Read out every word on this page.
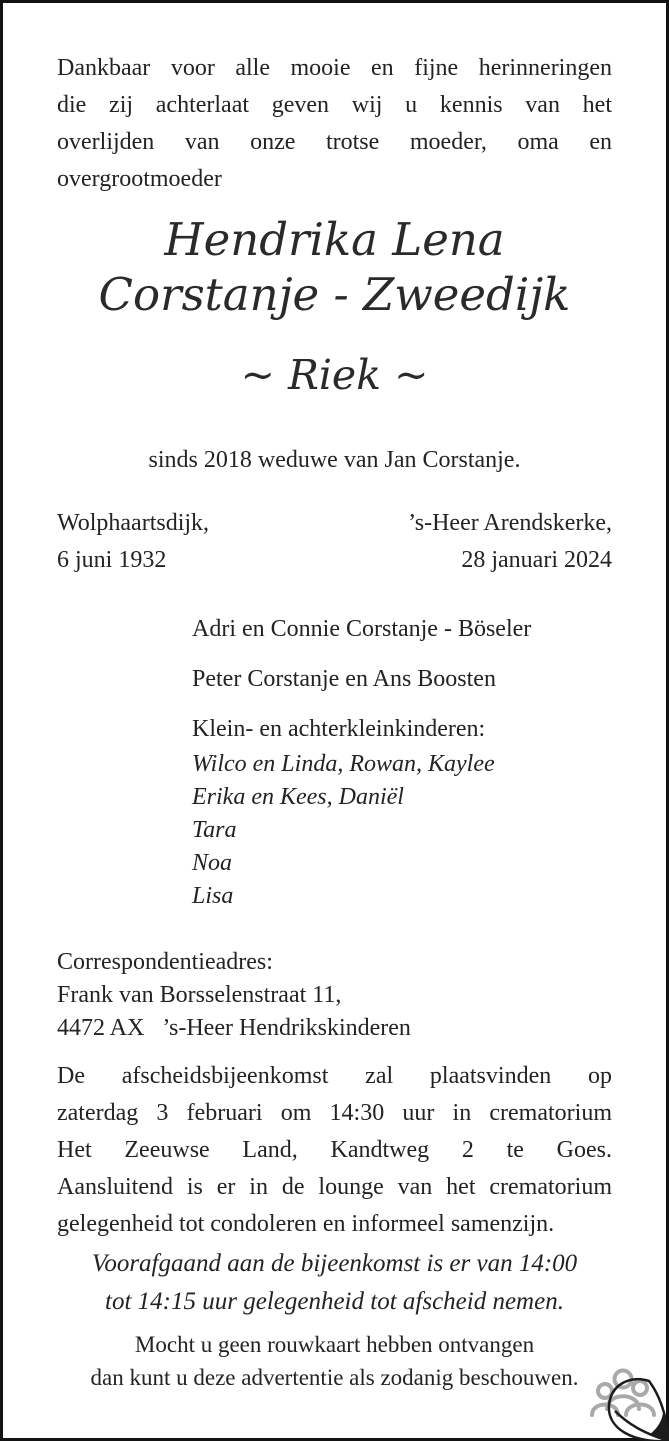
Dankbaar voor alle mooie en fijne herinneringen
die zij achterlaat geven wij u kennis van het
overlijden van onze trotse moeder, oma en
overgrootmoeder
Hendrika Lena
Corstanje - Zweedijk
~ Riek ~
sinds 2018 weduwe van Jan Corstanje.
Wolphaartsdijk,
6 juni 1932
’s-Heer Arendskerke,
28 januari 2024
Adri en Connie Corstanje - Böseler
Peter Corstanje en Ans Boosten
Klein- en achterkleinkinderen:
Wilco en Linda, Rowan, Kaylee
Erika en Kees, Daniël
Tara
Noa
Lisa
Correspondentieadres:
Frank van Borsselenstraat 11,
4472 AX  ’s-Heer Hendrikskinderen
De afscheidsbijeenkomst zal plaatsvinden op
zaterdag 3 februari om 14:30 uur in crematorium
Het Zeeuwse Land, Kandtweg 2 te Goes.
Aansluitend is er in de lounge van het crematorium
gelegenheid tot condoleren en informeel samenzijn.
Voorafgaand aan de bijeenkomst is er van 14:00
tot 14:15 uur gelegenheid tot afscheid nemen.
Mocht u geen rouwkaart hebben ontvangen
dan kunt u deze advertentie als zodanig beschouwen.
